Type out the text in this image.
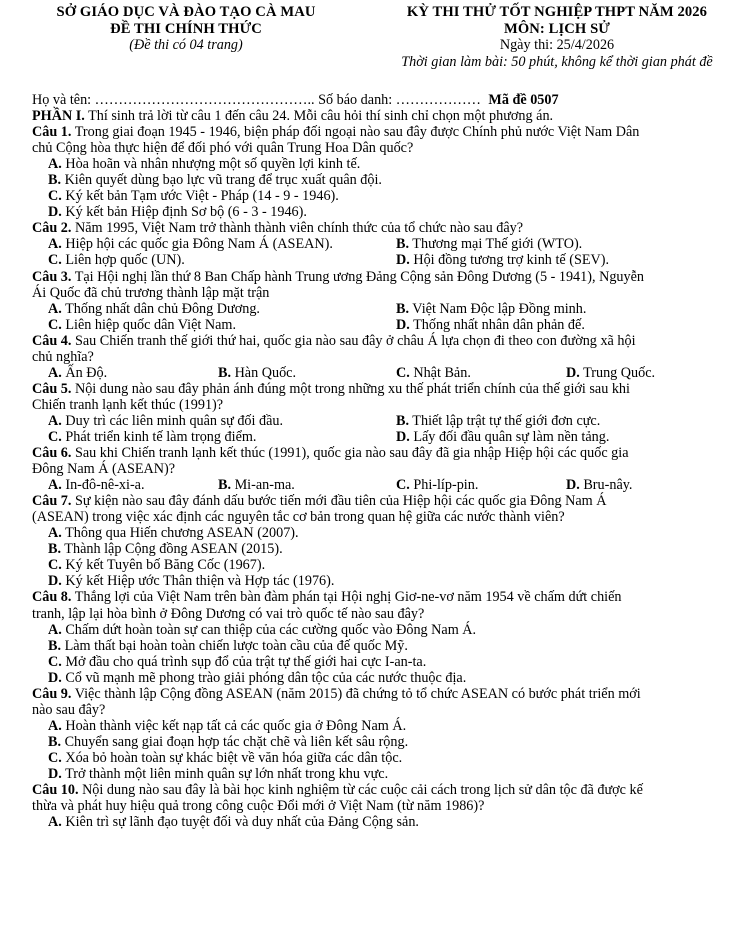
SỞ GIÁO DỤC VÀ ĐÀO TẠO CÀ MAU
ĐỀ THI CHÍNH THỨC
(Đề thi có 04 trang)
KỲ THI THỬ TỐT NGHIỆP THPT NĂM 2026
MÔN: LỊCH SỬ
Ngày thi: 25/4/2026
Thời gian làm bài: 50 phút, không kể thời gian phát đề
Họ và tên: ……………………………………….. Số báo danh: ……………… Mã đề 0507
PHẦN I. Thí sinh trả lời từ câu 1 đến câu 24. Mỗi câu hỏi thí sinh chỉ chọn một phương án.
Câu 1. Trong giai đoạn 1945 - 1946, biện pháp đối ngoại nào sau đây được Chính phủ nước Việt Nam Dân
chủ Cộng hòa thực hiện để đối phó với quân Trung Hoa Dân quốc?
A. Hòa hoãn và nhân nhượng một số quyền lợi kinh tế.
B. Kiên quyết dùng bạo lực vũ trang để trục xuất quân đội.
C. Ký kết bản Tạm ước Việt - Pháp (14 - 9 - 1946).
D. Ký kết bản Hiệp định Sơ bộ (6 - 3 - 1946).
Câu 2. Năm 1995, Việt Nam trở thành thành viên chính thức của tổ chức nào sau đây?
A. Hiệp hội các quốc gia Đông Nam Á (ASEAN).	B. Thương mại Thế giới (WTO).
C. Liên hợp quốc (UN).	D. Hội đồng tương trợ kinh tế (SEV).
Câu 3. Tại Hội nghị lần thứ 8 Ban Chấp hành Trung ương Đảng Cộng sản Đông Dương (5 - 1941), Nguyễn
Ái Quốc đã chủ trương thành lập mặt trận
A. Thống nhất dân chủ Đông Dương.	B. Việt Nam Độc lập Đồng minh.
C. Liên hiệp quốc dân Việt Nam.	D. Thống nhất nhân dân phản đế.
Câu 4. Sau Chiến tranh thế giới thứ hai, quốc gia nào sau đây ở châu Á lựa chọn đi theo con đường xã hội
chủ nghĩa?
A. Ấn Độ.	B. Hàn Quốc.	C. Nhật Bản.	D. Trung Quốc.
Câu 5. Nội dung nào sau đây phản ánh đúng một trong những xu thế phát triển chính của thế giới sau khi
Chiến tranh lạnh kết thúc (1991)?
A. Duy trì các liên minh quân sự đối đầu.	B. Thiết lập trật tự thế giới đơn cực.
C. Phát triển kinh tế làm trọng điểm.	D. Lấy đối đầu quân sự làm nền tảng.
Câu 6. Sau khi Chiến tranh lạnh kết thúc (1991), quốc gia nào sau đây đã gia nhập Hiệp hội các quốc gia
Đông Nam Á (ASEAN)?
A. In-đô-nê-xi-a.	B. Mi-an-ma.	C. Phi-líp-pin.	D. Bru-nây.
Câu 7. Sự kiện nào sau đây đánh dấu bước tiến mới đầu tiên của Hiệp hội các quốc gia Đông Nam Á
(ASEAN) trong việc xác định các nguyên tắc cơ bản trong quan hệ giữa các nước thành viên?
A. Thông qua Hiến chương ASEAN (2007).
B. Thành lập Cộng đồng ASEAN (2015).
C. Ký kết Tuyên bố Băng Cốc (1967).
D. Ký kết Hiệp ước Thân thiện và Hợp tác (1976).
Câu 8. Thắng lợi của Việt Nam trên bàn đàm phán tại Hội nghị Giơ-ne-vơ năm 1954 về chấm dứt chiến
tranh, lập lại hòa bình ở Đông Dương có vai trò quốc tế nào sau đây?
A. Chấm dứt hoàn toàn sự can thiệp của các cường quốc vào Đông Nam Á.
B. Làm thất bại hoàn toàn chiến lược toàn cầu của đế quốc Mỹ.
C. Mở đầu cho quá trình sụp đổ của trật tự thế giới hai cực I-an-ta.
D. Cổ vũ mạnh mẽ phong trào giải phóng dân tộc của các nước thuộc địa.
Câu 9. Việc thành lập Cộng đồng ASEAN (năm 2015) đã chứng tỏ tổ chức ASEAN có bước phát triển mới
nào sau đây?
A. Hoàn thành việc kết nạp tất cả các quốc gia ở Đông Nam Á.
B. Chuyển sang giai đoạn hợp tác chặt chẽ và liên kết sâu rộng.
C. Xóa bỏ hoàn toàn sự khác biệt về văn hóa giữa các dân tộc.
D. Trở thành một liên minh quân sự lớn nhất trong khu vực.
Câu 10. Nội dung nào sau đây là bài học kinh nghiệm từ các cuộc cải cách trong lịch sử dân tộc đã được kế
thừa và phát huy hiệu quả trong công cuộc Đổi mới ở Việt Nam (từ năm 1986)?
A. Kiên trì sự lãnh đạo tuyệt đối và duy nhất của Đảng Cộng sản.
